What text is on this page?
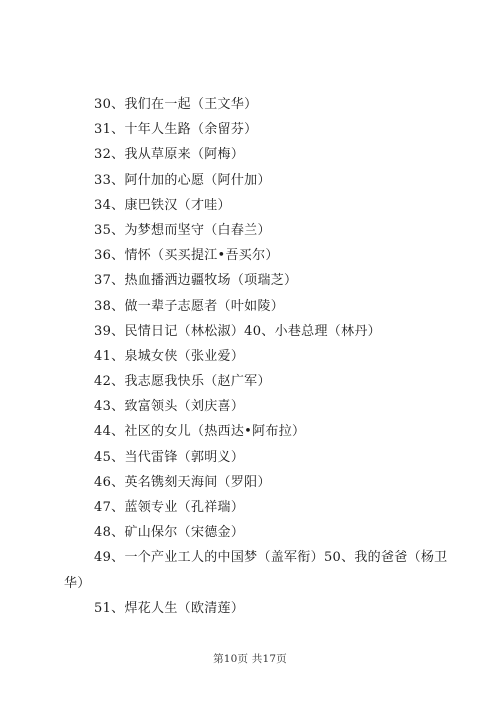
30、我们在一起（王文华）
31、十年人生路（余留芬）
32、我从草原来（阿梅）
33、阿什加的心愿（阿什加）
34、康巴铁汉（才哇）
35、为梦想而坚守（白春兰）
36、情怀（买买提江•吾买尔）
37、热血播洒边疆牧场（项瑞芝）
38、做一辈子志愿者（叶如陵）
39、民情日记（林松淑）40、小巷总理（林丹）
41、泉城女侠（张业爱）
42、我志愿我快乐（赵广军）
43、致富领头（刘庆喜）
44、社区的女儿（热西达•阿布拉）
45、当代雷锋（郭明义）
46、英名镌刻天海间（罗阳）
47、蓝领专业（孔祥瑞）
48、矿山保尔（宋德金）
49、一个产业工人的中国梦（盖军衔）50、我的爸爸（杨卫
华）
51、焊花人生（欧清莲）
第10页 共17页
